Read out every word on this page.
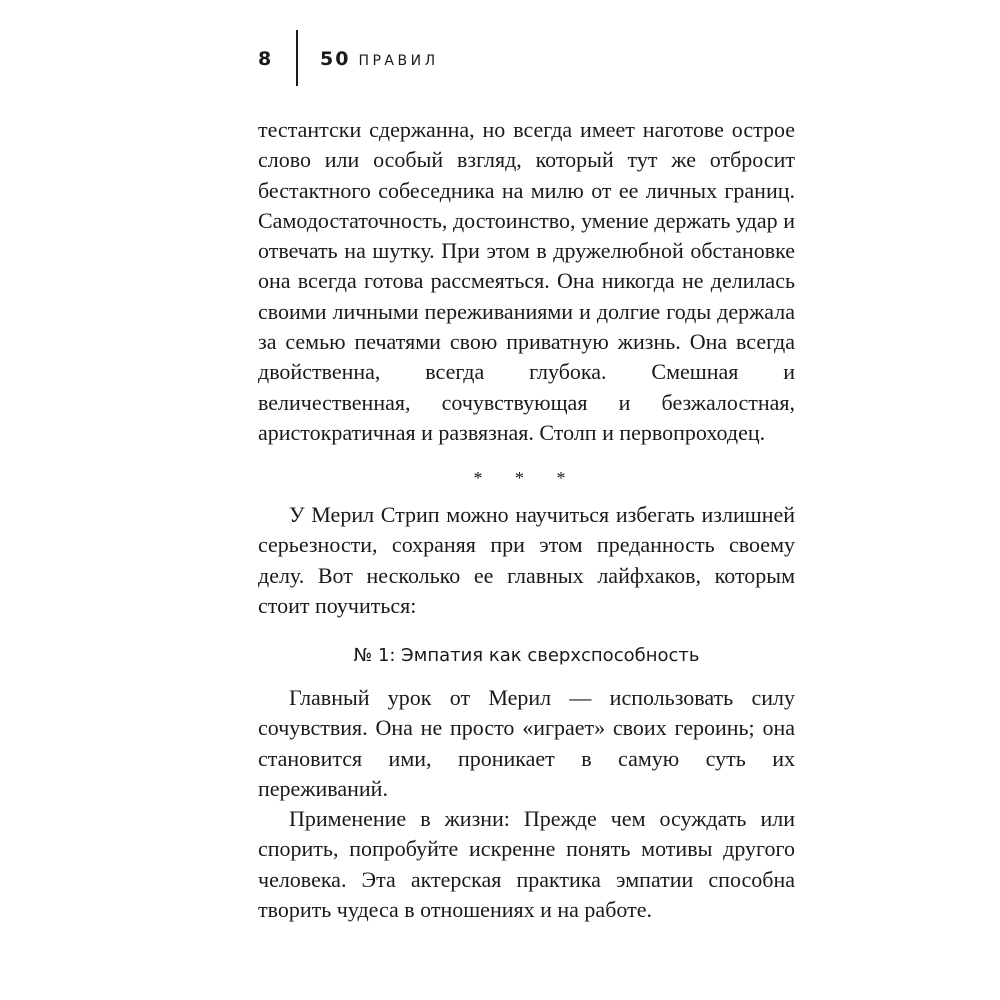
8	50 ПРАВИЛ

тестантски сдержанна, но всегда имеет наготове острое слово или особый взгляд, который тут же отбросит бестактного собеседника на милю от ее личных границ. Самодостаточность, достоинство, умение держать удар и отвечать на шутку. При этом в дружелюбной обстановке она всегда готова рассмеяться. Она никогда не делилась своими личными переживаниями и долгие годы держала за семью печатями свою приватную жизнь. Она всегда двойственна, всегда глубока. Смешная и величественная, сочувствующая и безжалостная, аристократичная и развязная. Столп и первопроходец.

* * *

У Мерил Стрип можно научиться избегать излишней серьезности, сохраняя при этом преданность своему делу. Вот несколько ее главных лайфхаков, которым стоит поучиться:

№ 1: Эмпатия как сверхспособность

Главный урок от Мерил — использовать силу сочувствия. Она не просто «играет» своих героинь; она становится ими, проникает в самую суть их переживаний.

Применение в жизни: Прежде чем осуждать или спорить, попробуйте искренне понять мотивы другого человека. Эта актерская практика эмпатии способна творить чудеса в отношениях и на работе.
